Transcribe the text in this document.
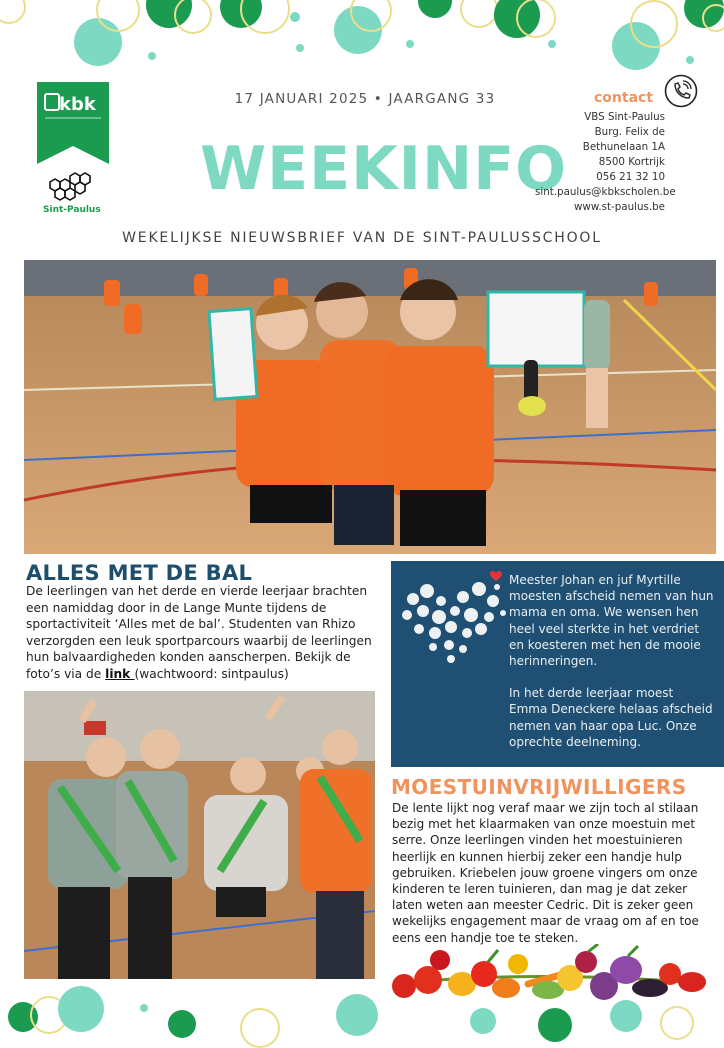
kbk
Sint-Paulus
17 JANUARI 2025 • JAARGANG 33
WEEKINFO
contact
VBS Sint-Paulus
Burg. Felix de Bethunelaan 1A
8500 Kortrijk
056 21 32 10
sint.paulus@kbkscholen.be
www.st-paulus.be
WEKELIJKSE NIEUWSBRIEF VAN DE SINT-PAULUSSCHOOL
ALLES MET DE BAL
De leerlingen van het derde en vierde leerjaar brachten een namiddag door in de Lange Munte tijdens de sportactiviteit ‘Alles met de bal’. Studenten van Rhizo verzorgden een leuk sportparcours waarbij de leerlingen hun balvaardigheden konden aanscherpen. Bekijk de foto’s via de link (wachtwoord: sintpaulus)
Meester Johan en juf Myrtille moesten afscheid nemen van hun mama en oma. We wensen hen heel veel sterkte in het verdriet en koesteren met hen de mooie herinneringen.
In het derde leerjaar moest Emma Deneckere helaas afscheid nemen van haar opa Luc. Onze oprechte deelneming.
MOESTUINVRIJWILLIGERS
De lente lijkt nog veraf maar we zijn toch al stilaan bezig met het klaarmaken van onze moestuin met serre. Onze leerlingen vinden het moestuinieren heerlijk en kunnen hierbij zeker een handje hulp gebruiken. Kriebelen jouw groene vingers om onze kinderen te leren tuinieren, dan mag je dat zeker laten weten aan meester Cedric. Dit is zeker geen wekelijks engagement maar de vraag om af en toe eens een handje toe te steken.
